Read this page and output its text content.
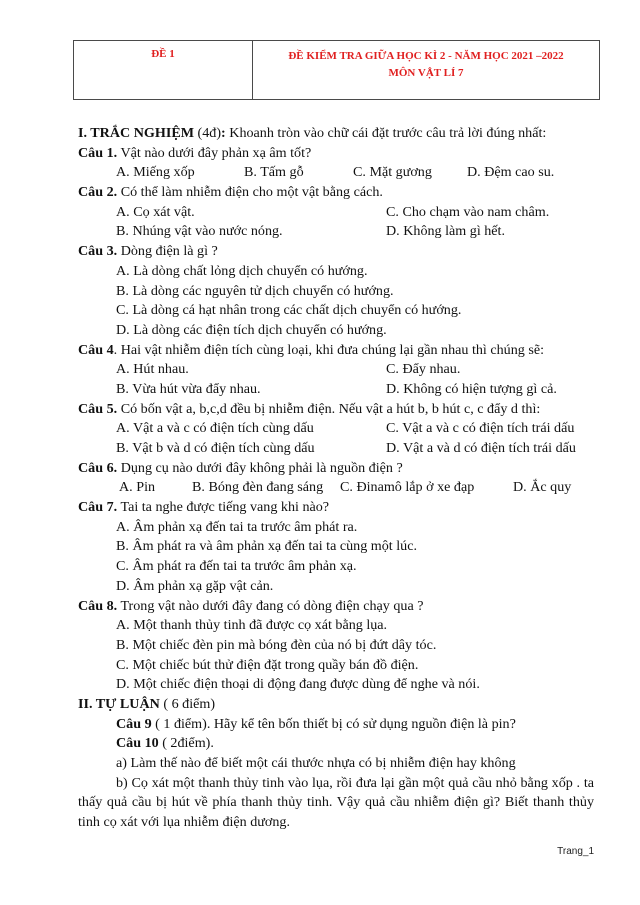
ĐỀ 1	ĐỀ KIỂM TRA GIỮA HỌC KÌ 2 - NĂM HỌC 2021 –2022
MÔN VẬT LÍ 7
I. TRẮC NGHIỆM (4đ): Khoanh tròn vào chữ cái đặt trước câu trả lời đúng nhất:
Câu 1. Vật nào dưới đây phản xạ âm tốt?
A. Miếng xốp	B. Tấm gỗ	C. Mặt gương	D. Đệm cao su.
Câu 2. Có thể làm nhiễm điện cho một vật bằng cách.
A. Cọ xát vật.	C. Cho chạm vào nam châm.
B. Nhúng vật vào nước nóng.	D. Không làm gì hết.
Câu 3. Dòng điện là gì ?
A. Là dòng chất lỏng dịch chuyển có hướng.
B. Là dòng các nguyên tử dịch chuyển có hướng.
C. Là dòng cá hạt nhân trong các chất dịch chuyển có hướng.
D. Là dòng các điện tích dịch chuyển có hướng.
Câu 4. Hai vật nhiễm điện tích cùng loại, khi đưa chúng lại gần nhau thì chúng sẽ:
A. Hút nhau.	C. Đẩy nhau.
B. Vừa hút vừa đẩy nhau.	D. Không có hiện tượng gì cả.
Câu 5. Có bốn vật a, b,c,d đều bị nhiễm điện. Nếu vật a hút b, b hút c, c đẩy d thì:
A. Vật a và c có điện tích cùng dấu	C. Vật a và c có điện tích trái dấu
B. Vật b và d có điện tích cùng dấu	D. Vật a và d có điện tích trái dấu
Câu 6. Dụng cụ nào dưới đây không phải là nguồn điện ?
A. Pin	B. Bóng đèn đang sáng	C. Đinamô lắp ở xe đạp	D. Ắc quy
Câu 7. Tai ta nghe được tiếng vang khi nào?
A. Âm phản xạ đến tai ta trước âm phát ra.
B. Âm phát ra và âm phản xạ đến tai ta cùng một lúc.
C. Âm phát ra đến tai ta trước âm phản xạ.
D. Âm phản xạ gặp vật cản.
Câu 8. Trong vật nào dưới đây đang có dòng điện chạy qua ?
A. Một thanh thủy tinh đã được cọ xát bằng lụa.
B. Một chiếc đèn pin mà bóng đèn của nó bị đứt dây tóc.
C. Một chiếc bút thử điện đặt trong quầy bán đồ điện.
D. Một chiếc điện thoại di động đang được dùng để nghe và nói.
II. TỰ LUẬN ( 6 điểm)
Câu 9 ( 1 điểm). Hãy kể tên bốn thiết bị có sử dụng nguồn điện là pin?
Câu 10 ( 2điểm).
a) Làm thế nào để biết một cái thước nhựa có bị nhiễm điện hay không
b) Cọ xát một thanh thủy tinh vào lụa, rồi đưa lại gần một quả cầu nhỏ bằng xốp . ta thấy quả cầu bị hút về phía thanh thủy tinh. Vậy quả cầu nhiễm điện gì? Biết thanh thủy tinh cọ xát với lụa nhiễm điện dương.
Trang_1
